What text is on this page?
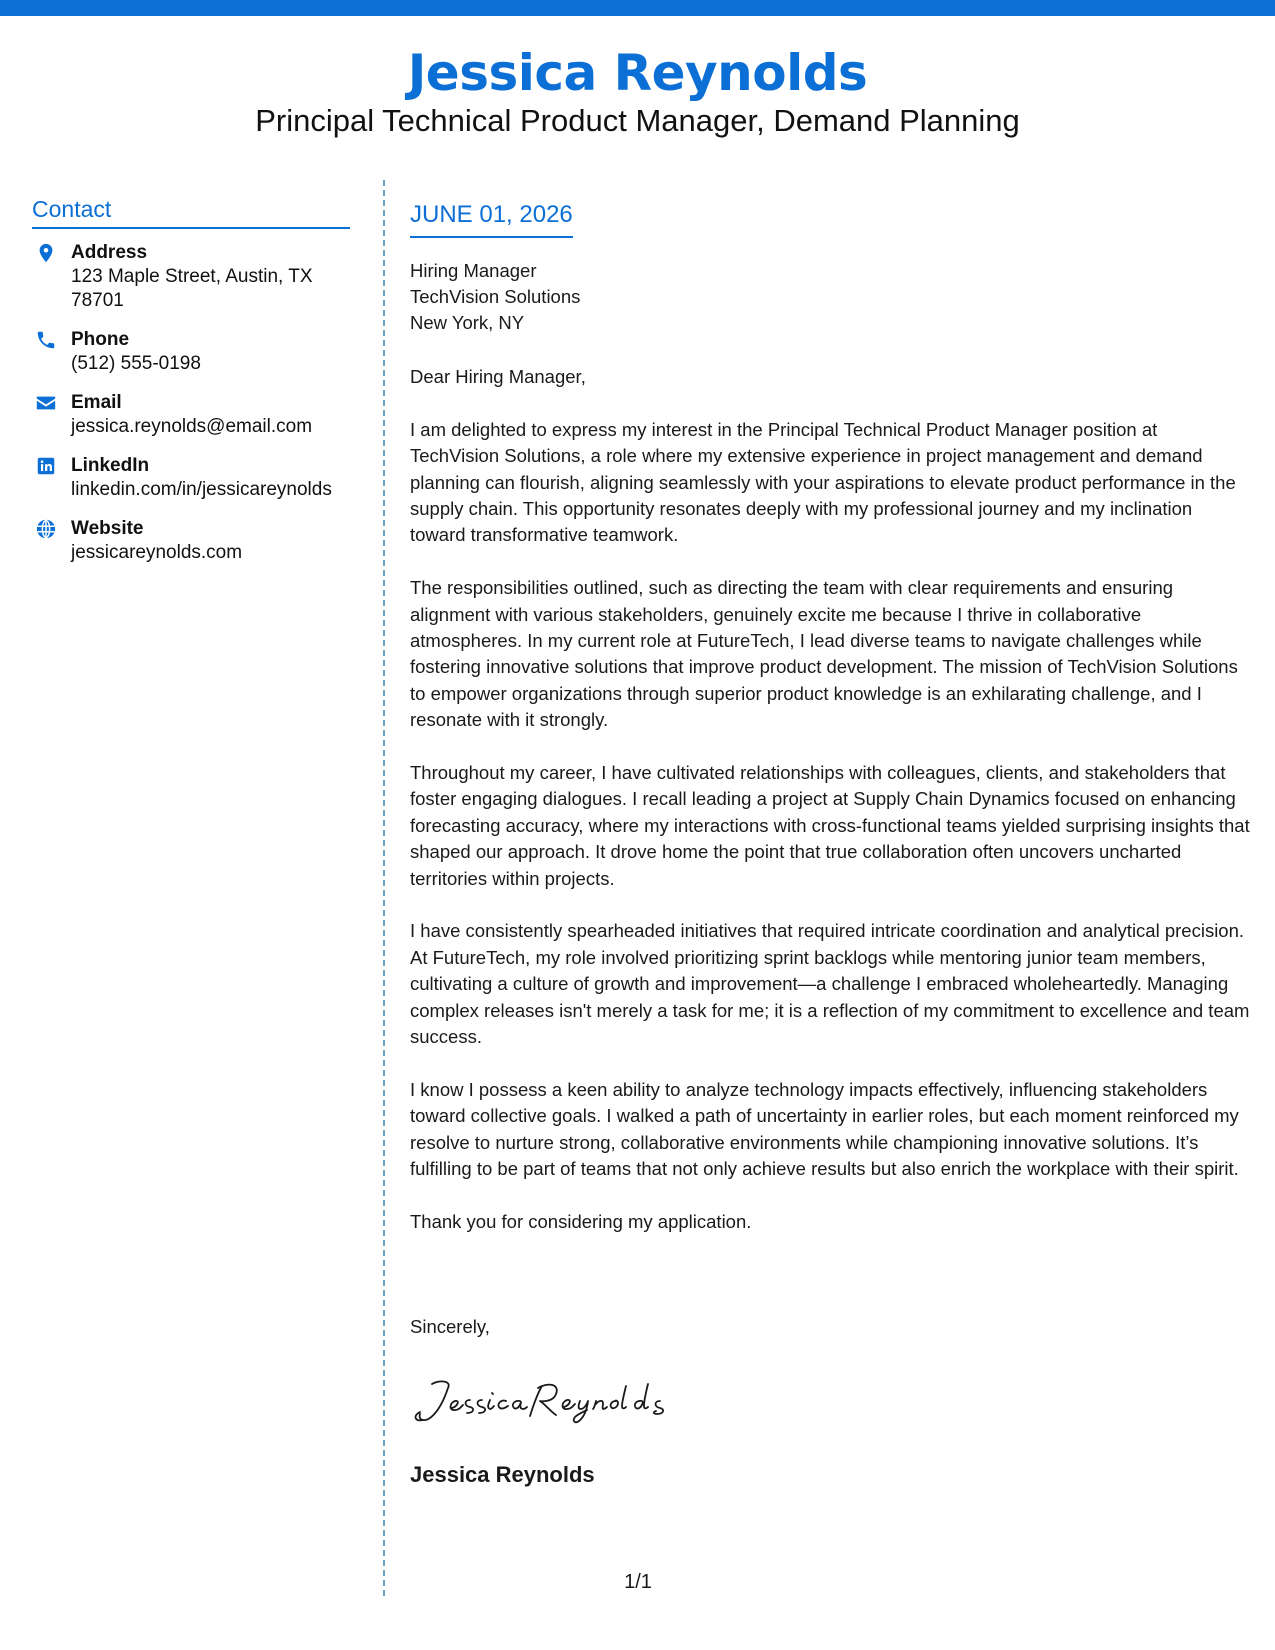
Jessica Reynolds
Principal Technical Product Manager, Demand Planning
Contact
Address
123 Maple Street, Austin, TX
78701
Phone
(512) 555-0198
Email
jessica.reynolds@email.com
LinkedIn
linkedin.com/in/jessicareynolds
Website
jessicareynolds.com
JUNE 01, 2026
Hiring Manager
TechVision Solutions
New York, NY

Dear Hiring Manager,

I am delighted to express my interest in the Principal Technical Product Manager position at TechVision Solutions, a role where my extensive experience in project management and demand planning can flourish, aligning seamlessly with your aspirations to elevate product performance in the supply chain. This opportunity resonates deeply with my professional journey and my inclination toward transformative teamwork.

The responsibilities outlined, such as directing the team with clear requirements and ensuring alignment with various stakeholders, genuinely excite me because I thrive in collaborative atmospheres. In my current role at FutureTech, I lead diverse teams to navigate challenges while fostering innovative solutions that improve product development. The mission of TechVision Solutions to empower organizations through superior product knowledge is an exhilarating challenge, and I resonate with it strongly.

Throughout my career, I have cultivated relationships with colleagues, clients, and stakeholders that foster engaging dialogues. I recall leading a project at Supply Chain Dynamics focused on enhancing forecasting accuracy, where my interactions with cross-functional teams yielded surprising insights that shaped our approach. It drove home the point that true collaboration often uncovers uncharted territories within projects.

I have consistently spearheaded initiatives that required intricate coordination and analytical precision. At FutureTech, my role involved prioritizing sprint backlogs while mentoring junior team members, cultivating a culture of growth and improvement—a challenge I embraced wholeheartedly. Managing complex releases isn't merely a task for me; it is a reflection of my commitment to excellence and team success.

I know I possess a keen ability to analyze technology impacts effectively, influencing stakeholders toward collective goals. I walked a path of uncertainty in earlier roles, but each moment reinforced my resolve to nurture strong, collaborative environments while championing innovative solutions. It’s fulfilling to be part of teams that not only achieve results but also enrich the workplace with their spirit.

Thank you for considering my application.

Sincerely,
Jessica Reynolds
1/1
